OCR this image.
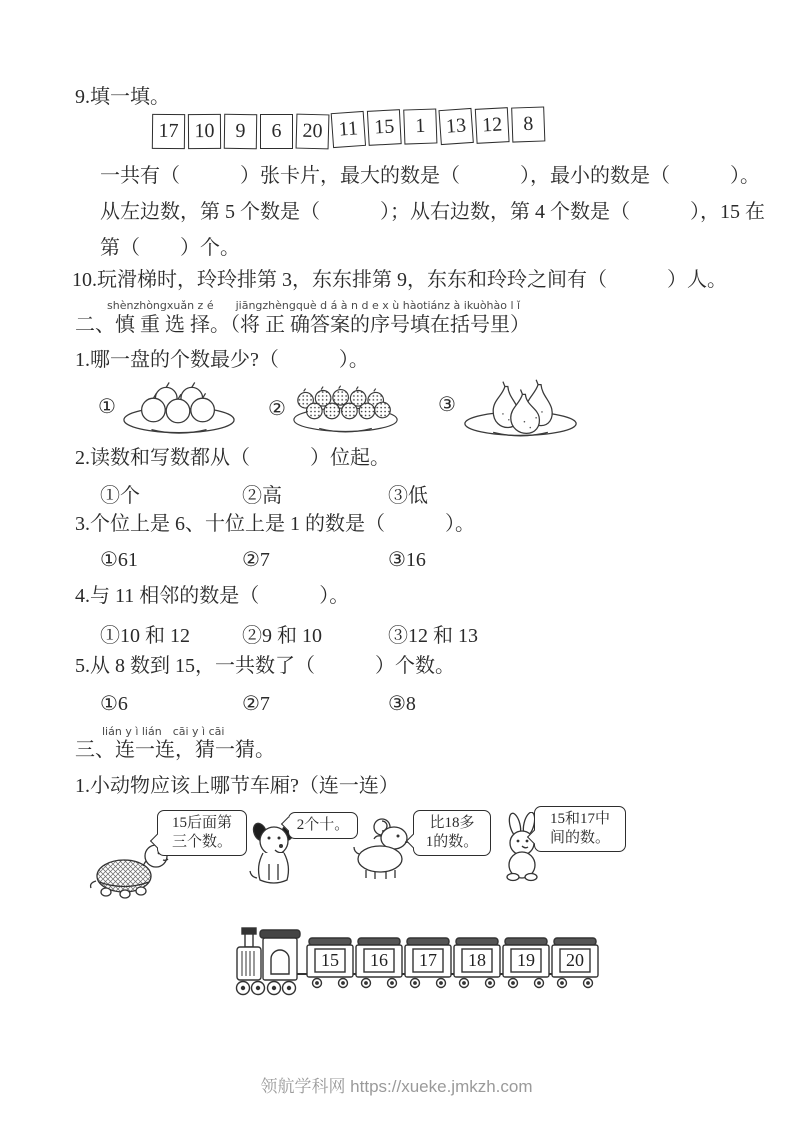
9.填一填。
17 10	9	6	20 11 15	1 13 12	8
一共有（　　　）张卡片，最大的数是（　　　），最小的数是（　　　）。
从左边数，第 5 个数是（　　　）；从右边数，第 4 个数是（　　　），15 在
第（　　）个。
10.玩滑梯时，玲玲排第 3，东东排第 9，东东和玲玲之间有（　　　）人。
shènzhòngxuǎn z é　　jiāngzhèngquè d á à n d e x ù hàotiánz à ikuòhào l ǐ
二、慎 重 选 择。（将 正 确答案的序号填在括号里）
1.哪一盘的个数最少?（　　　）。
①	②	③
2.读数和写数都从（　　　）位起。
①个	②高	③低
3.个位上是 6、十位上是 1 的数是（　　　）。
①61	②7	③16
4.与 11 相邻的数是（　　　）。
①10 和 12	②9 和 10	③12 和 13
5.从 8 数到 15，一共数了（　　　）个数。
①6	②7	③8
lián y ì lián　cāi y ì cāi
三、连一连，猜一猜。
1.小动物应该上哪节车厢?（连一连）
15后面第
三个数。
2个十。	比18多
1的数。
15和17中
间的数。
15 16 17 18 19 20
领航学科网 https://xueke.jmkzh.com
